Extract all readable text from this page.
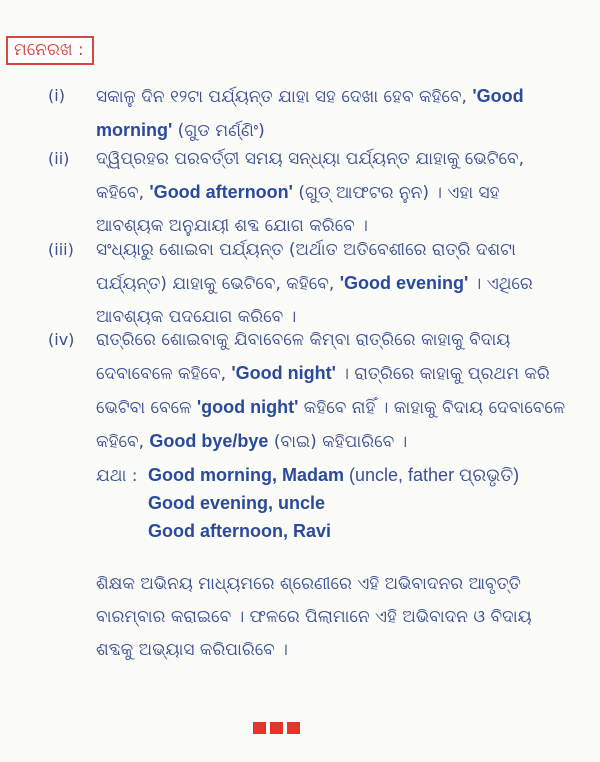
ମନେରଖ :
(i) ସକାଳୁ ଦିନ ୧୨ଟା ପର୍ଯ୍ୟନ୍ତ ଯାହା ସହ ଦେଖା ହେବ କହିବେ, 'Good morning' (ଗୁଡ ମର୍ଣ୍ଣିଂ)
(ii) ଦ୍ୱିପ୍ରହର ପରବର୍ତ୍ତୀ ସମୟ ସନ୍ଧ୍ୟା ପର୍ଯ୍ୟନ୍ତ ଯାହାକୁ ଭେଟିବେ, କହିବେ, 'Good afternoon' (ଗୁଡ୍ ଆଫଟର ନୁନ) । ଏହା ସହ ଆବଶ୍ୟକ ଅନୁଯାୟୀ ଶବ୍ଦ ଯୋଗ କରିବେ ।
(iii) ସଂଧ୍ୟାରୁ ଶୋଇବା ପର୍ଯ୍ୟନ୍ତ (ଅର୍ଥାତ ଅତିବେଶୀରେ ରାତ୍ରି ଦଶଟା ପର୍ଯ୍ୟନ୍ତ) ଯାହାକୁ ଭେଟିବେ, କହିବେ, 'Good evening' । ଏଥିରେ ଆବଶ୍ୟକ ପଦଯୋଗ କରିବେ ।
(iv) ରାତ୍ରିରେ ଶୋଇବାକୁ ଯିବାବେଳେ କିମ୍ବା ରାତ୍ରିରେ କାହାକୁ ବିଦାୟ ଦେବାବେଳେ କହିବେ, 'Good night' । ରାତ୍ରିରେ କାହାକୁ ପ୍ରଥମ କରି ଭେଟିବା ବେଳେ 'good night' କହିବେ ନାହିଁ । କାହାକୁ ବିଦାୟ ଦେବାବେଳେ କହିବେ, Good bye/bye (ବାଇ) କହିପାରିବେ ।
ଯଥା : Good morning, Madam (uncle, father ପ୍ରଭୃତି)
Good evening, uncle
Good afternoon, Ravi
ଶିକ୍ଷକ ଅଭିନୟ ମାଧ୍ୟମରେ ଶ୍ରେଣୀରେ ଏହି ଅଭିବାଦନର ଆବୃତ୍ତି ବାରମ୍ବାର କରାଇବେ । ଫଳରେ ପିଲାମାନେ ଏହି ଅଭିବାଦନ ଓ ବିଦାୟ ଶବ୍ଦକୁ ଅଭ୍ୟାସ କରିପାରିବେ ।
